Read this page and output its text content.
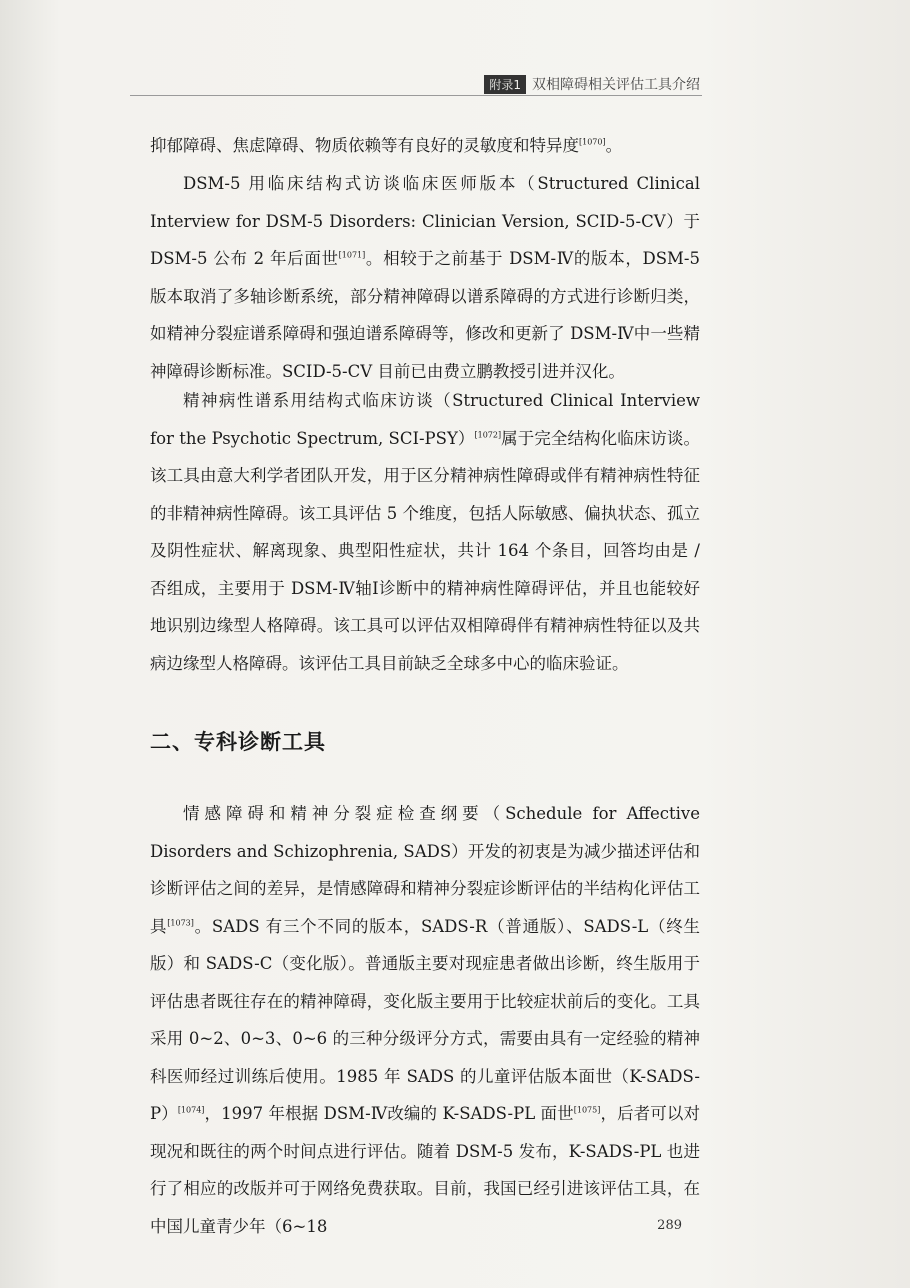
附录1 双相障碍相关评估工具介绍

抑郁障碍、焦虑障碍、物质依赖等有良好的灵敏度和特异度[1070]。

DSM-5 用临床结构式访谈临床医师版本（Structured Clinical Interview for DSM-5 Disorders: Clinician Version, SCID-5-CV）于 DSM-5 公布 2 年后面世[1071]。相较于之前基于 DSM-Ⅳ的版本，DSM-5 版本取消了多轴诊断系统，部分精神障碍以谱系障碍的方式进行诊断归类，如精神分裂症谱系障碍和强迫谱系障碍等，修改和更新了 DSM-Ⅳ中一些精神障碍诊断标准。SCID-5-CV 目前已由费立鹏教授引进并汉化。

精神病性谱系用结构式临床访谈（Structured Clinical Interview for the Psychotic Spectrum, SCI-PSY）[1072]属于完全结构化临床访谈。该工具由意大利学者团队开发，用于区分精神病性障碍或伴有精神病性特征的非精神病性障碍。该工具评估 5 个维度，包括人际敏感、偏执状态、孤立及阴性症状、解离现象、典型阳性症状，共计 164 个条目，回答均由是 / 否组成，主要用于 DSM-Ⅳ轴Ⅰ诊断中的精神病性障碍评估，并且也能较好地识别边缘型人格障碍。该工具可以评估双相障碍伴有精神病性特征以及共病边缘型人格障碍。该评估工具目前缺乏全球多中心的临床验证。

二、专科诊断工具

情感障碍和精神分裂症检查纲要（Schedule for Affective Disorders and Schizophrenia, SADS）开发的初衷是为减少描述评估和诊断评估之间的差异，是情感障碍和精神分裂症诊断评估的半结构化评估工具[1073]。SADS 有三个不同的版本，SADS-R（普通版）、SADS-L（终生版）和 SADS-C（变化版）。普通版主要对现症患者做出诊断，终生版用于评估患者既往存在的精神障碍，变化版主要用于比较症状前后的变化。工具采用 0~2、0~3、0~6 的三种分级评分方式，需要由具有一定经验的精神科医师经过训练后使用。1985 年 SADS 的儿童评估版本面世（K-SADS-P）[1074]，1997 年根据 DSM-Ⅳ改编的 K-SADS-PL 面世[1075]，后者可以对现况和既往的两个时间点进行评估。随着 DSM-5 发布，K-SADS-PL 也进行了相应的改版并可于网络免费获取。目前，我国已经引进该评估工具，在中国儿童青少年（6~18	289
